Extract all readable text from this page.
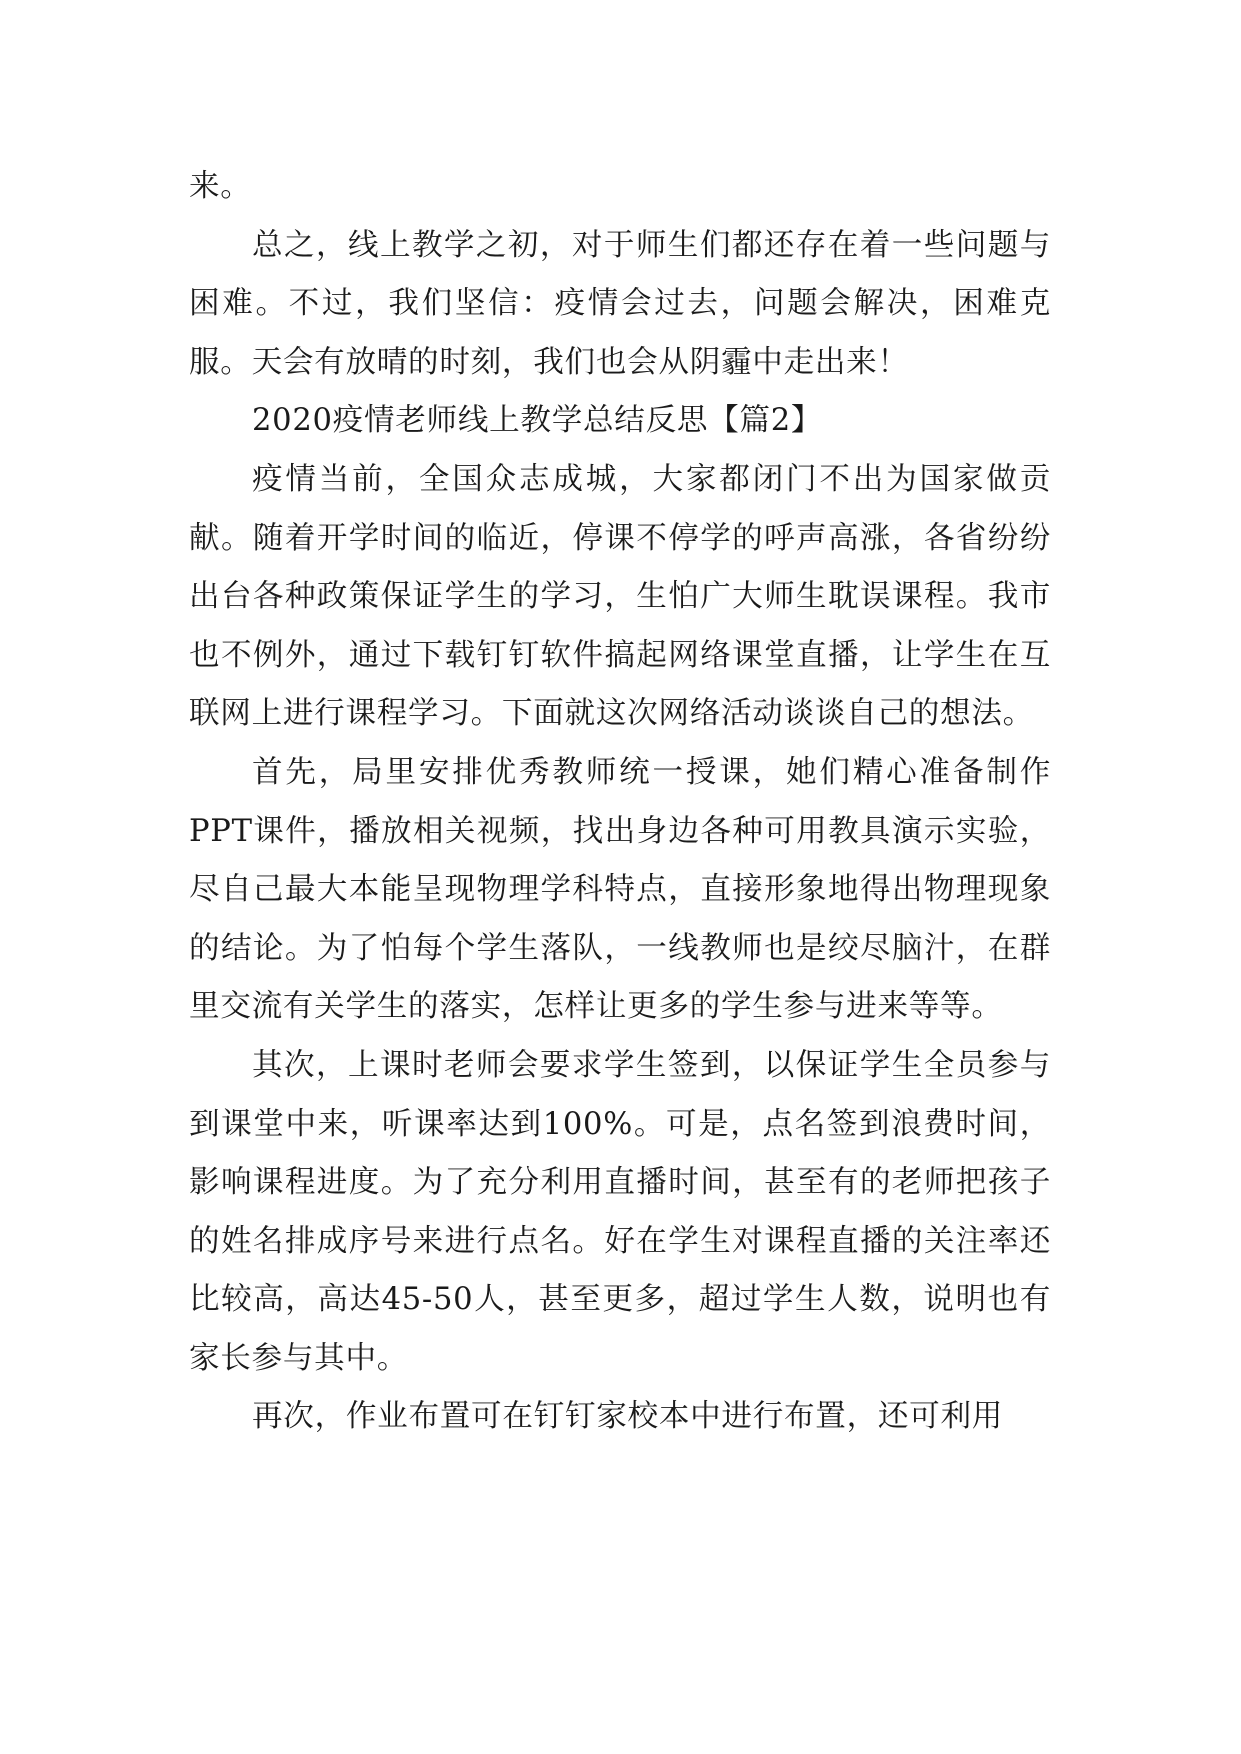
来。

总之，线上教学之初，对于师生们都还存在着一些问题与困难。不过，我们坚信：疫情会过去，问题会解决，困难克服。天会有放晴的时刻，我们也会从阴霾中走出来！

2020疫情老师线上教学总结反思【篇2】

疫情当前，全国众志成城，大家都闭门不出为国家做贡献。随着开学时间的临近，停课不停学的呼声高涨，各省纷纷出台各种政策保证学生的学习，生怕广大师生耽误课程。我市也不例外，通过下载钉钉软件搞起网络课堂直播，让学生在互联网上进行课程学习。下面就这次网络活动谈谈自己的想法。

首先，局里安排优秀教师统一授课，她们精心准备制作PPT课件，播放相关视频，找出身边各种可用教具演示实验，尽自己最大本能呈现物理学科特点，直接形象地得出物理现象的结论。为了怕每个学生落队，一线教师也是绞尽脑汁，在群里交流有关学生的落实，怎样让更多的学生参与进来等等。

其次，上课时老师会要求学生签到，以保证学生全员参与到课堂中来，听课率达到100%。可是，点名签到浪费时间，影响课程进度。为了充分利用直播时间，甚至有的老师把孩子的姓名排成序号来进行点名。好在学生对课程直播的关注率还比较高，高达45-50人，甚至更多，超过学生人数，说明也有家长参与其中。

再次，作业布置可在钉钉家校本中进行布置，还可利用
